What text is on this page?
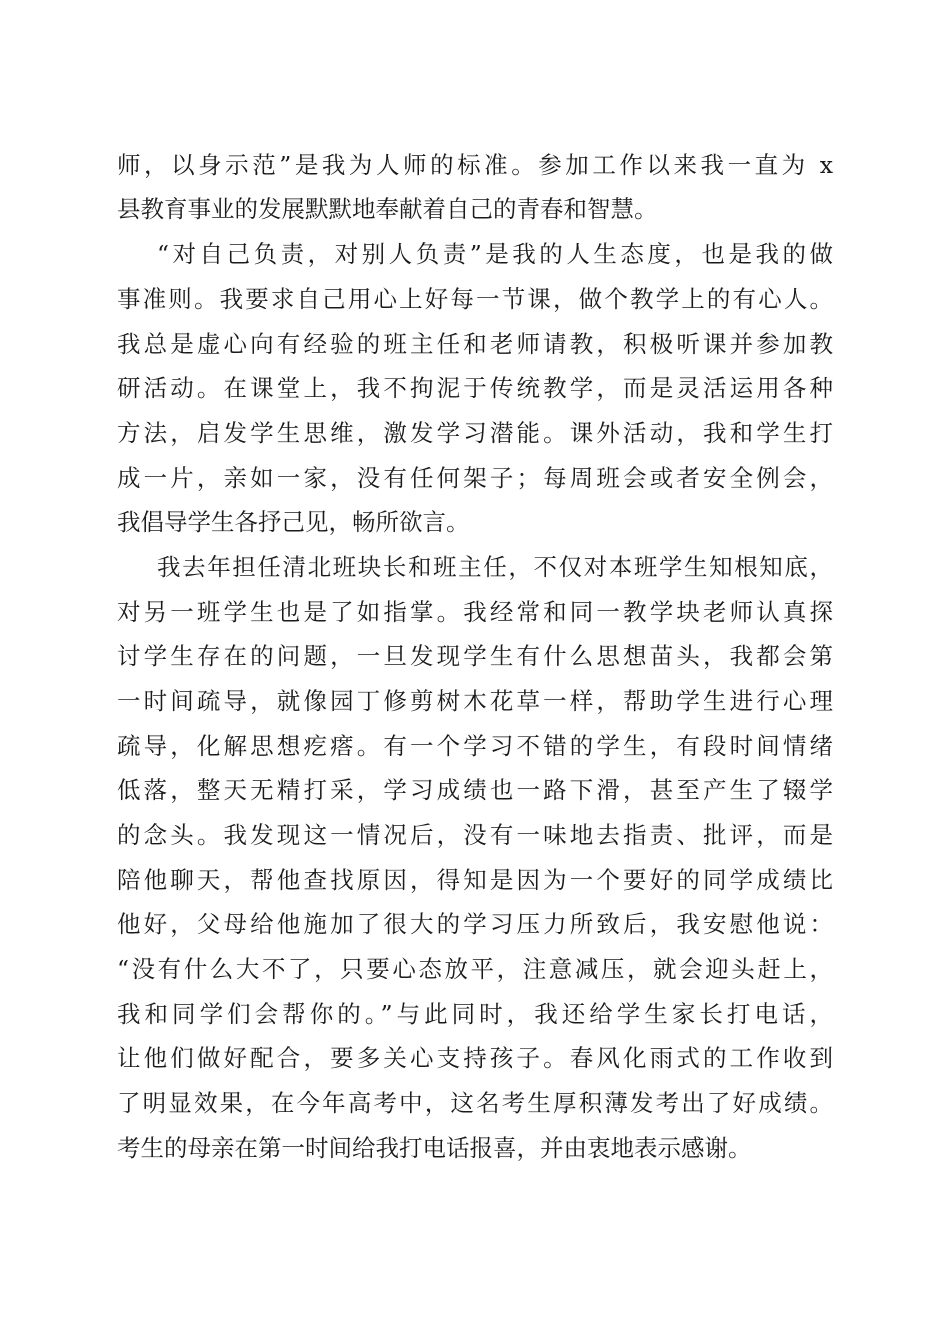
师，以身示范”是我为人师的标准。参加工作以来我一直为 x
县教育事业的发展默默地奉献着自己的青春和智慧。
“对自己负责，对别人负责”是我的人生态度，也是我的做
事准则。我要求自己用心上好每一节课，做个教学上的有心人。
我总是虚心向有经验的班主任和老师请教，积极听课并参加教
研活动。在课堂上，我不拘泥于传统教学，而是灵活运用各种
方法，启发学生思维，激发学习潜能。课外活动，我和学生打
成一片，亲如一家，没有任何架子；每周班会或者安全例会，
我倡导学生各抒己见，畅所欲言。
我去年担任清北班块长和班主任，不仅对本班学生知根知底，
对另一班学生也是了如指掌。我经常和同一教学块老师认真探
讨学生存在的问题，一旦发现学生有什么思想苗头，我都会第
一时间疏导，就像园丁修剪树木花草一样，帮助学生进行心理
疏导，化解思想疙瘩。有一个学习不错的学生，有段时间情绪
低落，整天无精打采，学习成绩也一路下滑，甚至产生了辍学
的念头。我发现这一情况后，没有一味地去指责、批评，而是
陪他聊天，帮他查找原因，得知是因为一个要好的同学成绩比
他好，父母给他施加了很大的学习压力所致后，我安慰他说：
“没有什么大不了，只要心态放平，注意减压，就会迎头赶上，
我和同学们会帮你的。”与此同时，我还给学生家长打电话，
让他们做好配合，要多关心支持孩子。春风化雨式的工作收到
了明显效果，在今年高考中，这名考生厚积薄发考出了好成绩。
考生的母亲在第一时间给我打电话报喜，并由衷地表示感谢。
